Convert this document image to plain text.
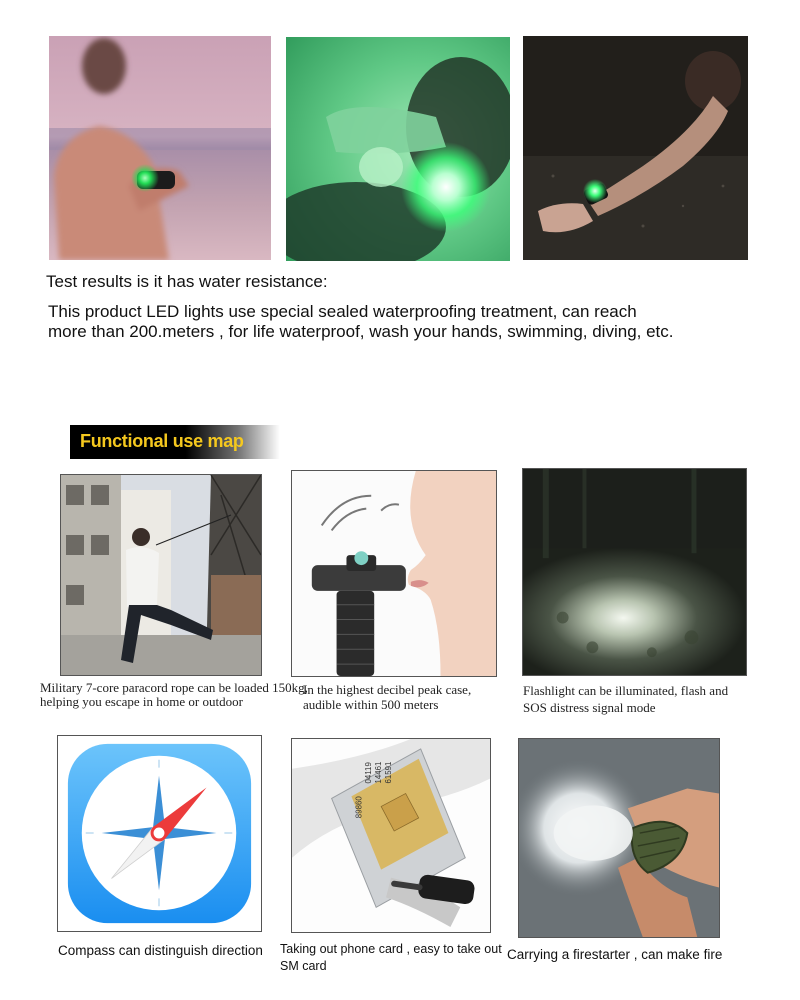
Test results is it has water resistance:
This product LED lights use special sealed waterproofing treatment, can reach
more than 200.meters , for life waterproof, wash your hands, swimming, diving, etc.
Functional use map
Military 7-core paracord rope can be loaded 150kg,
helping you escape in home or outdoor
In the highest decibel peak case,
audible within 500 meters
Flashlight can be illuminated, flash and
SOS distress signal mode
Compass can distinguish direction
89860
04119 14461 61591
Taking out phone card , easy to take out
SM card
Carrying a firestarter , can make fire
